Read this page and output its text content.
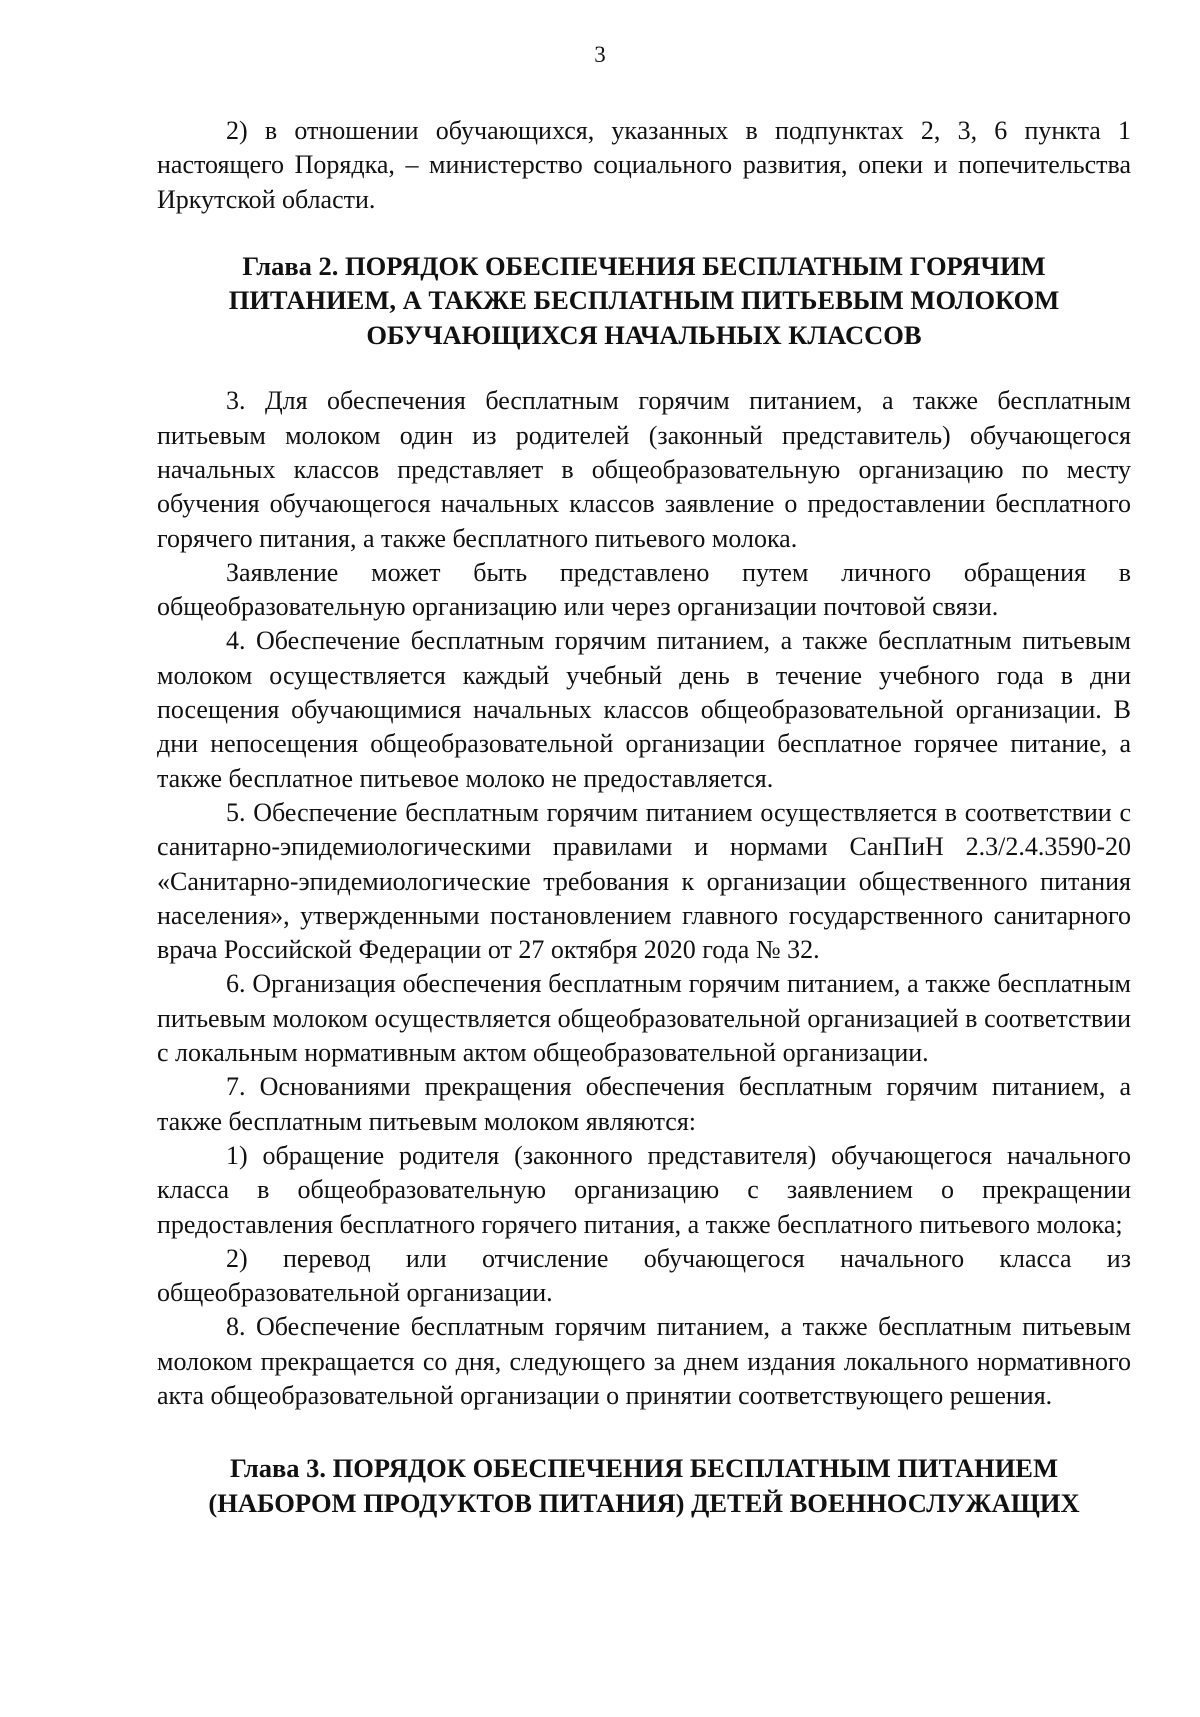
3

2) в отношении обучающихся, указанных в подпунктах 2, 3, 6 пункта 1 настоящего Порядка, – министерство социального развития, опеки и попечительства Иркутской области.

Глава 2. ПОРЯДОК ОБЕСПЕЧЕНИЯ БЕСПЛАТНЫМ ГОРЯЧИМ
ПИТАНИЕМ, А ТАКЖЕ БЕСПЛАТНЫМ ПИТЬЕВЫМ МОЛОКОМ
ОБУЧАЮЩИХСЯ НАЧАЛЬНЫХ КЛАССОВ

3. Для обеспечения бесплатным горячим питанием, а также бесплатным питьевым молоком один из родителей (законный представитель) обучающегося начальных классов представляет в общеобразовательную организацию по месту обучения обучающегося начальных классов заявление о предоставлении бесплатного горячего питания, а также бесплатного питьевого молока.

Заявление может быть представлено путем личного обращения в общеобразовательную организацию или через организации почтовой связи.

4. Обеспечение бесплатным горячим питанием, а также бесплатным питьевым молоком осуществляется каждый учебный день в течение учебного года в дни посещения обучающимися начальных классов общеобразовательной организации. В дни непосещения общеобразовательной организации бесплатное горячее питание, а также бесплатное питьевое молоко не предоставляется.

5. Обеспечение бесплатным горячим питанием осуществляется в соответствии с санитарно-эпидемиологическими правилами и нормами СанПиН 2.3/2.4.3590-20 «Санитарно-эпидемиологические требования к организации общественного питания населения», утвержденными постановлением главного государственного санитарного врача Российской Федерации от 27 октября 2020 года № 32.

6. Организация обеспечения бесплатным горячим питанием, а также бесплатным питьевым молоком осуществляется общеобразовательной организацией в соответствии с локальным нормативным актом общеобразовательной организации.

7. Основаниями прекращения обеспечения бесплатным горячим питанием, а также бесплатным питьевым молоком являются:

1) обращение родителя (законного представителя) обучающегося начального класса в общеобразовательную организацию с заявлением о прекращении предоставления бесплатного горячего питания, а также бесплатного питьевого молока;

2) перевод или отчисление обучающегося начального класса из общеобразовательной организации.

8. Обеспечение бесплатным горячим питанием, а также бесплатным питьевым молоком прекращается со дня, следующего за днем издания локального нормативного акта общеобразовательной организации о принятии соответствующего решения.

Глава 3. ПОРЯДОК ОБЕСПЕЧЕНИЯ БЕСПЛАТНЫМ ПИТАНИЕМ
(НАБОРОМ ПРОДУКТОВ ПИТАНИЯ) ДЕТЕЙ ВОЕННОСЛУЖАЩИХ
